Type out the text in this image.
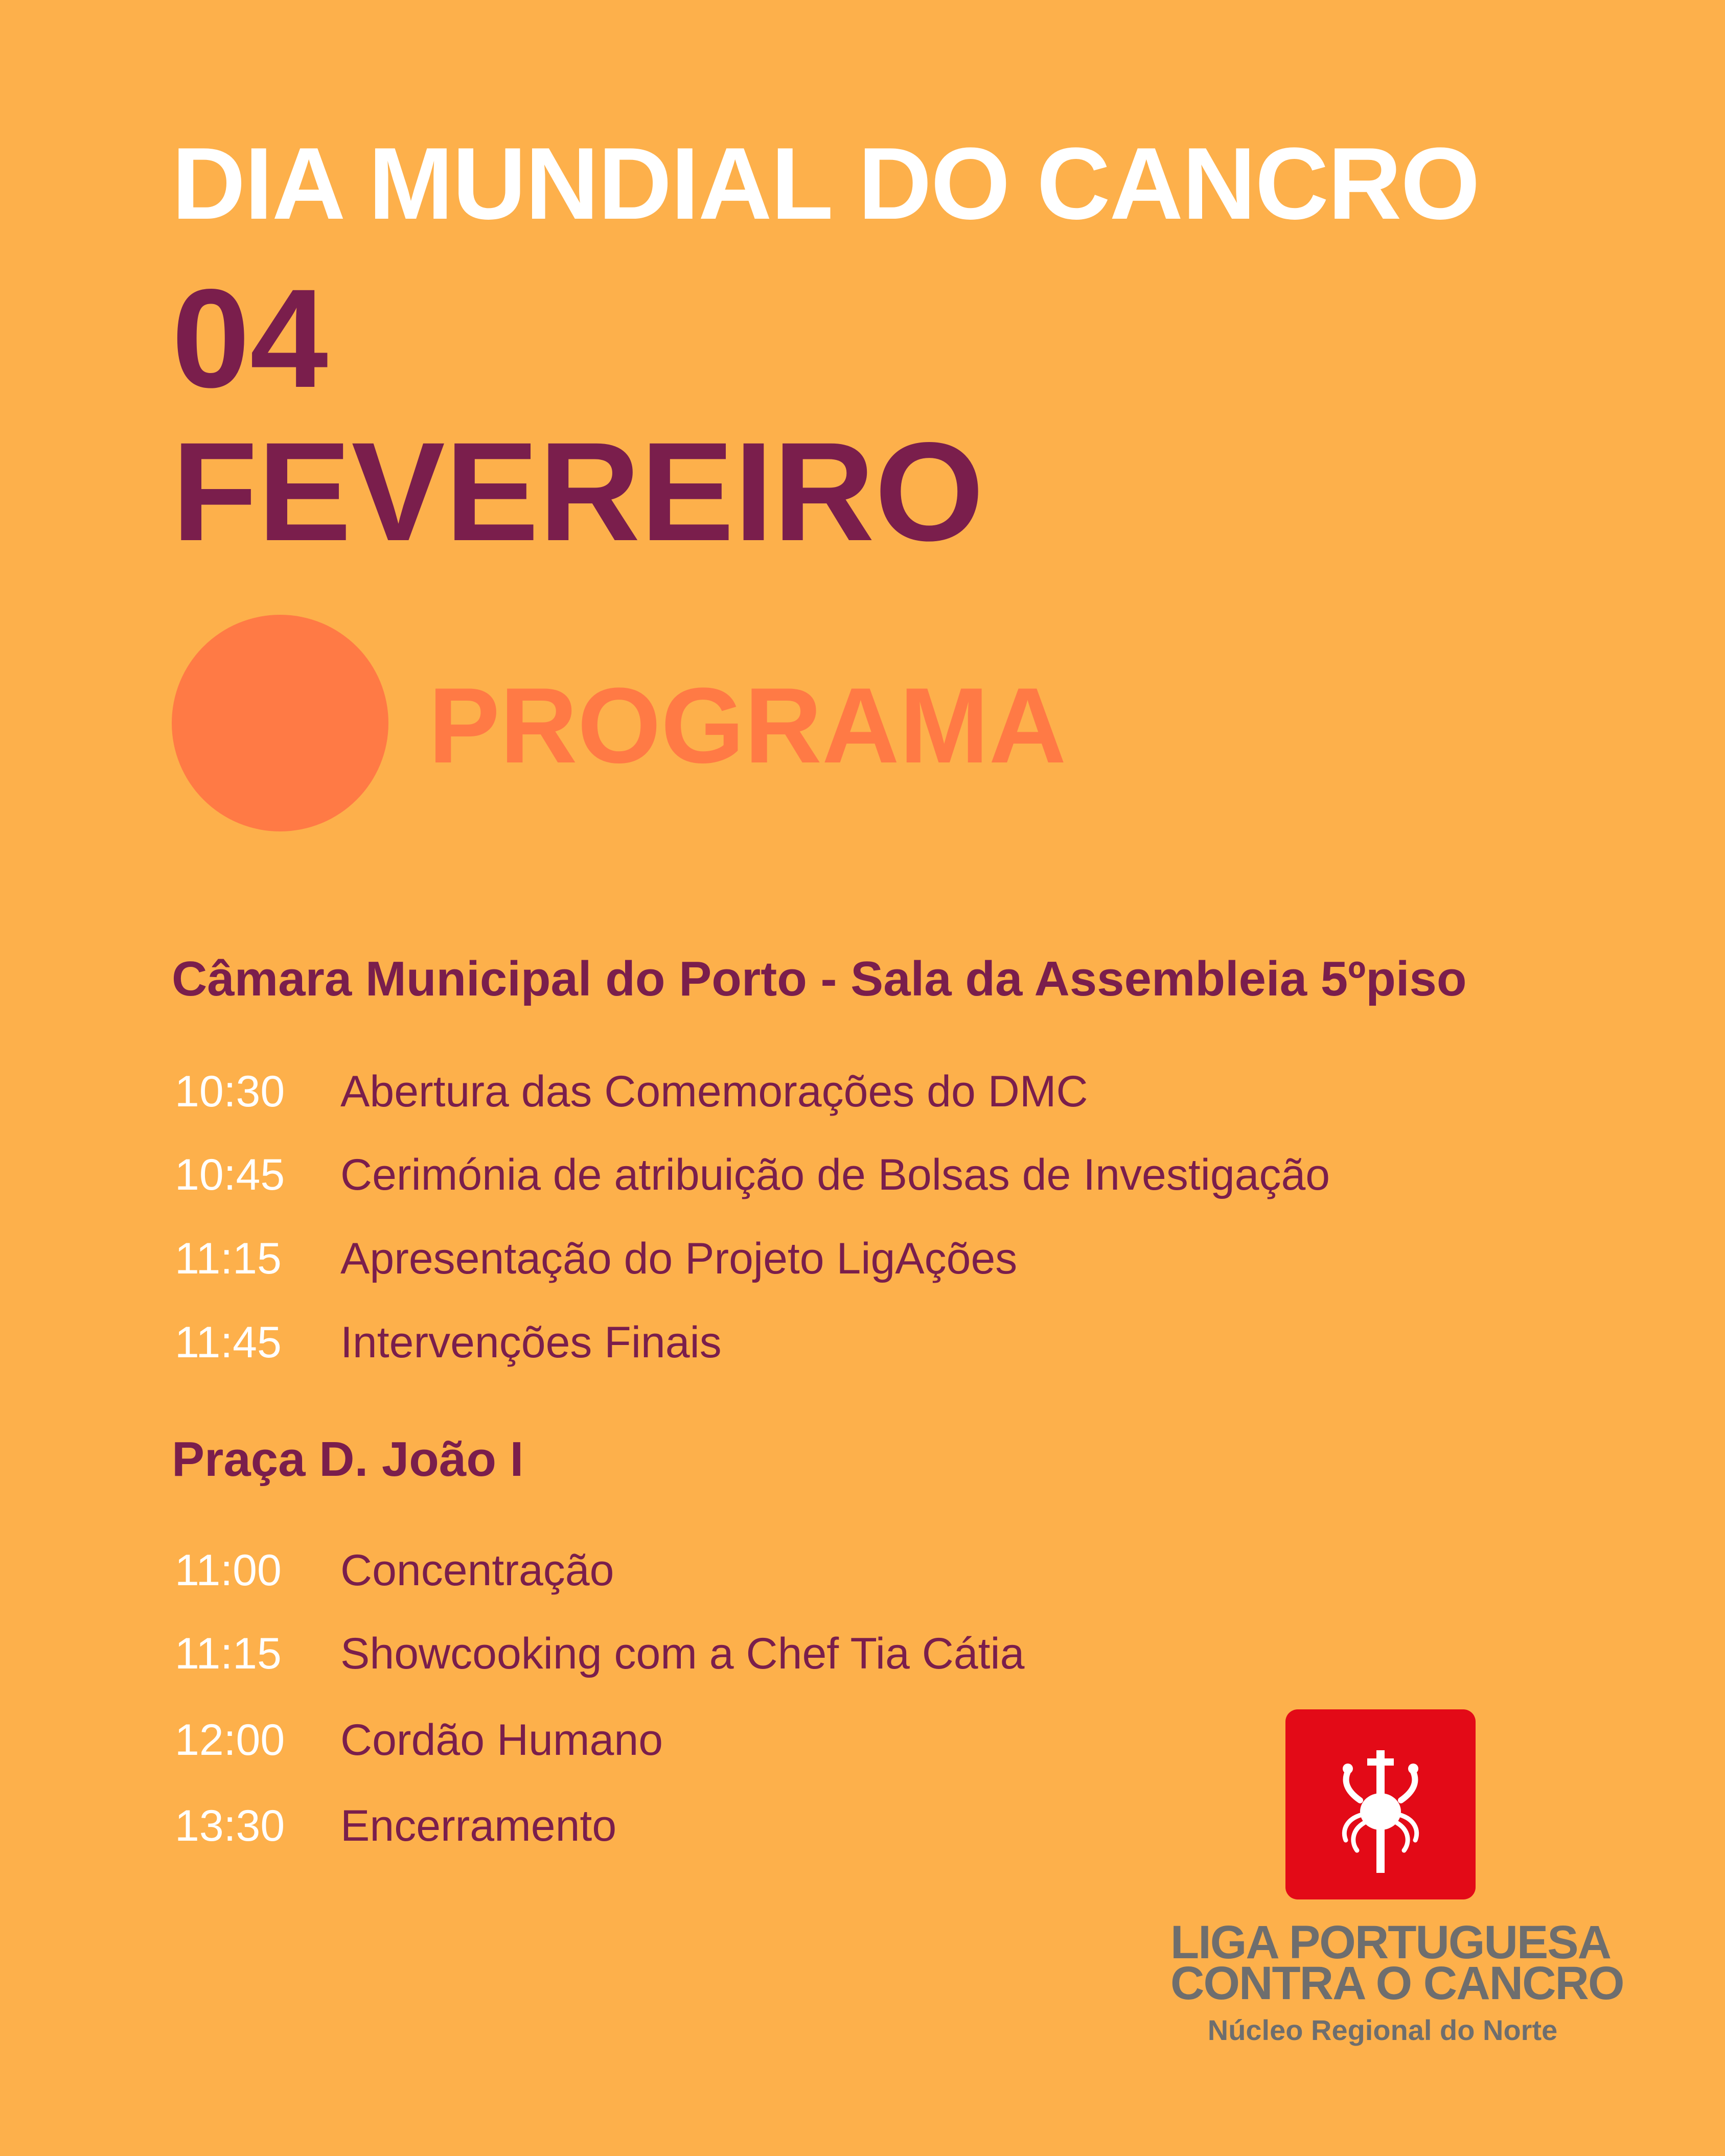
DIA MUNDIAL DO CANCRO
04
FEVEREIRO
PROGRAMA
Câmara Municipal do Porto - Sala da Assembleia 5ºpiso
10:30 Abertura das Comemorações do DMC
10:45 Cerimónia de atribuição de Bolsas de Investigação
11:15 Apresentação do Projeto LigAções
11:45 Intervenções Finais
Praça D. João I
11:00 Concentração
11:15 Showcooking com a Chef Tia Cátia
12:00 Cordão Humano
13:30 Encerramento
LIGA PORTUGUESA
CONTRA O CANCRO
Núcleo Regional do Norte
